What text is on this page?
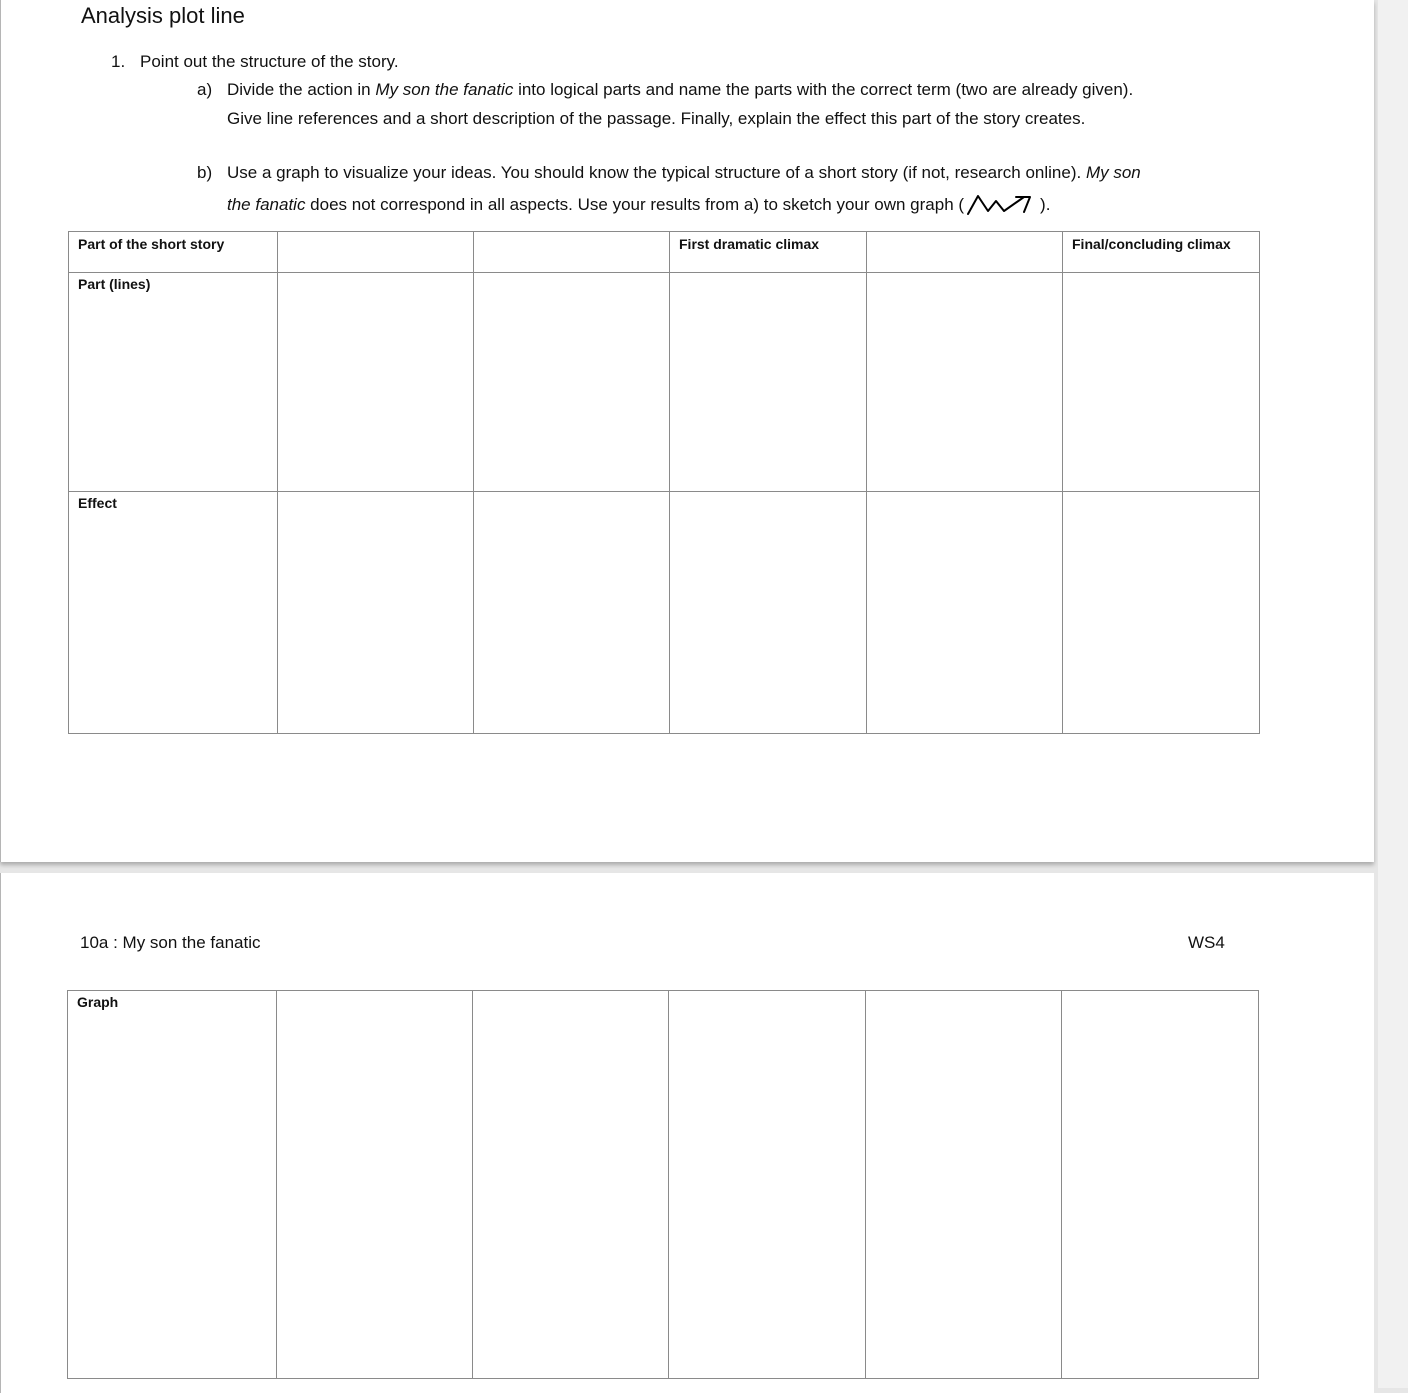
Analysis plot line
1. Point out the structure of the story.
a) Divide the action in My son the fanatic into logical parts and name the parts with the correct term (two are already given).
Give line references and a short description of the passage. Finally, explain the effect this part of the story creates.
b) Use a graph to visualize your ideas. You should know the typical structure of a short story (if not, research online). My son
the fanatic does not correspond in all aspects. Use your results from a) to sketch your own graph (	).
Part of the short story			First dramatic climax		Final/concluding climax
Part (lines)					
Effect					
10a : My son the fanatic	WS4
Graph					
